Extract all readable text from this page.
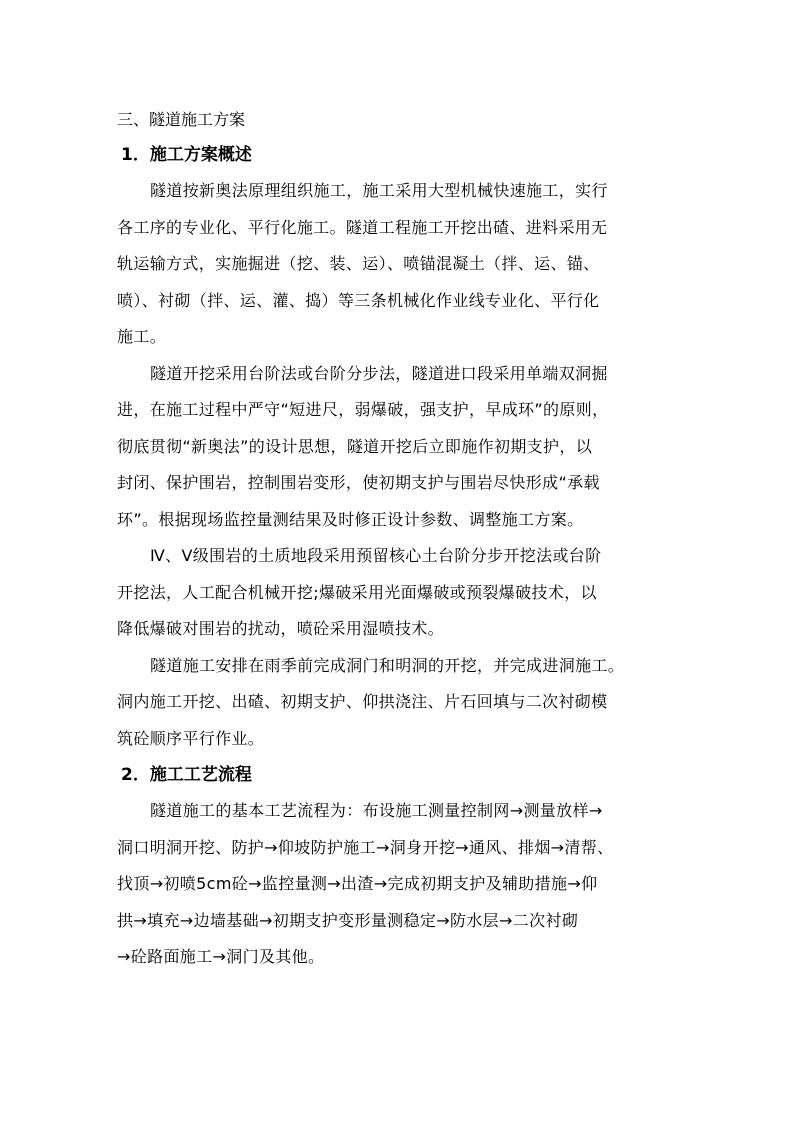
三、隧道施工方案
1．施工方案概述
隧道按新奥法原理组织施工，施工采用大型机械快速施工，实行
各工序的专业化、平行化施工。隧道工程施工开挖出碴、进料采用无
轨运输方式，实施掘进（挖、装、运）、喷锚混凝土（拌、运、锚、
喷）、衬砌（拌、运、灌、捣）等三条机械化作业线专业化、平行化
施工。
隧道开挖采用台阶法或台阶分步法，隧道进口段采用单端双洞掘
进，在施工过程中严守“短进尺，弱爆破，强支护，早成环”的原则，
彻底贯彻“新奥法”的设计思想，隧道开挖后立即施作初期支护，以
封闭、保护围岩，控制围岩变形，使初期支护与围岩尽快形成“承载
环”。根据现场监控量测结果及时修正设计参数、调整施工方案。
Ⅳ、Ⅴ级围岩的土质地段采用预留核心土台阶分步开挖法或台阶
开挖法，人工配合机械开挖;爆破采用光面爆破或预裂爆破技术，以
降低爆破对围岩的扰动，喷砼采用湿喷技术。
隧道施工安排在雨季前完成洞门和明洞的开挖，并完成进洞施工。
洞内施工开挖、出碴、初期支护、仰拱浇注、片石回填与二次衬砌模
筑砼顺序平行作业。
2．施工工艺流程
隧道施工的基本工艺流程为：布设施工测量控制网→测量放样→
洞口明洞开挖、防护→仰坡防护施工→洞身开挖→通风、排烟→清帮、
找顶→初喷5cm砼→监控量测→出渣→完成初期支护及辅助措施→仰
拱→填充→边墙基础→初期支护变形量测稳定→防水层→二次衬砌
→砼路面施工→洞门及其他。
